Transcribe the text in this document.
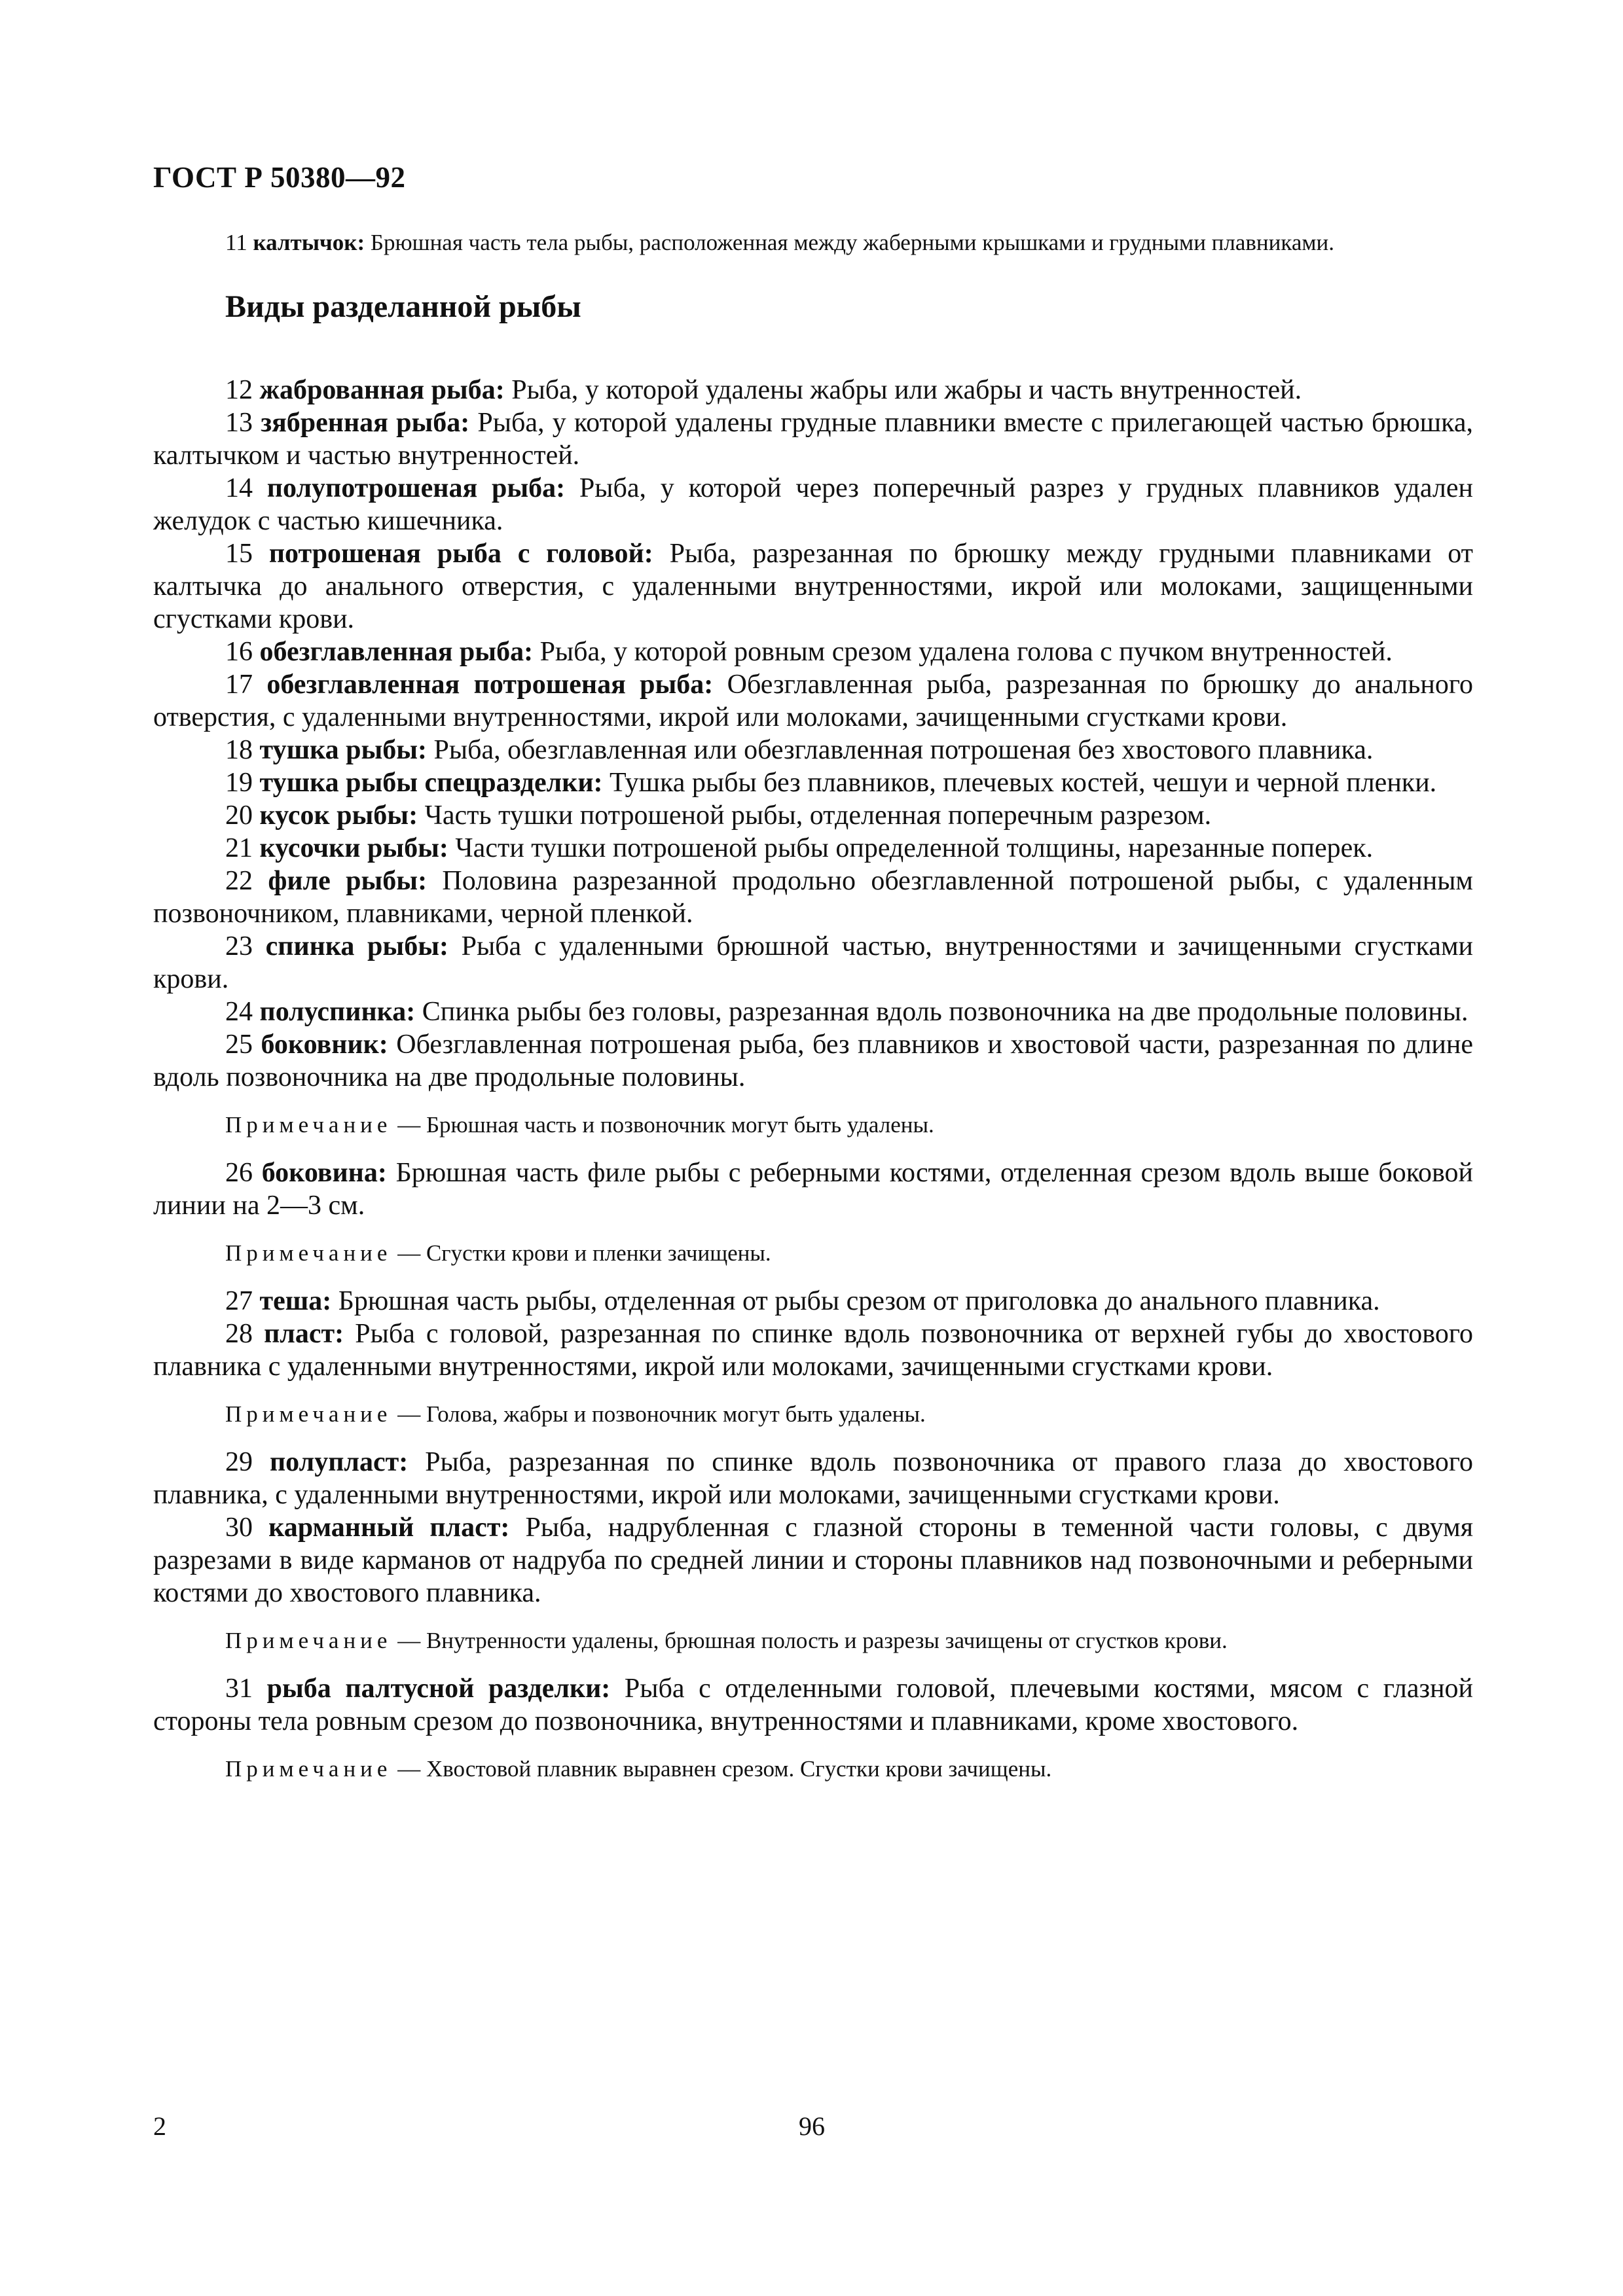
ГОСТ Р 50380—92

11 калтычок: Брюшная часть тела рыбы, расположенная между жаберными крышками и грудными плавниками.

Виды разделанной рыбы

12 жаброванная рыба: Рыба, у которой удалены жабры или жабры и часть внутренностей.

13 зябренная рыба: Рыба, у которой удалены грудные плавники вместе с прилегающей частью брюшка, калтычком и частью внутренностей.

14 полупотрошеная рыба: Рыба, у которой через поперечный разрез у грудных плавников удален желудок с частью кишечника.

15 потрошеная рыба с головой: Рыба, разрезанная по брюшку между грудными плавниками от калтычка до анального отверстия, с удаленными внутренностями, икрой или молоками, защищенными сгустками крови.

16 обезглавленная рыба: Рыба, у которой ровным срезом удалена голова с пучком внутренностей.

17 обезглавленная потрошеная рыба: Обезглавленная рыба, разрезанная по брюшку до анального отверстия, с удаленными внутренностями, икрой или молоками, зачищенными сгустками крови.

18 тушка рыбы: Рыба, обезглавленная или обезглавленная потрошеная без хвостового плавника.

19 тушка рыбы спецразделки: Тушка рыбы без плавников, плечевых костей, чешуи и черной пленки.

20 кусок рыбы: Часть тушки потрошеной рыбы, отделенная поперечным разрезом.

21 кусочки рыбы: Части тушки потрошеной рыбы определенной толщины, нарезанные поперек.

22 филе рыбы: Половина разрезанной продольно обезглавленной потрошеной рыбы, с удаленным позвоночником, плавниками, черной пленкой.

23 спинка рыбы: Рыба с удаленными брюшной частью, внутренностями и зачищенными сгустками крови.

24 полуспинка: Спинка рыбы без головы, разрезанная вдоль позвоночника на две продольные половины.

25 боковник: Обезглавленная потрошеная рыба, без плавников и хвостовой части, разрезанная по длине вдоль позвоночника на две продольные половины.

Примечание — Брюшная часть и позвоночник могут быть удалены.

26 боковина: Брюшная часть филе рыбы с реберными костями, отделенная срезом вдоль выше боковой линии на 2—3 см.

Примечание — Сгустки крови и пленки зачищены.

27 теша: Брюшная часть рыбы, отделенная от рыбы срезом от приголовка до анального плавника.

28 пласт: Рыба с головой, разрезанная по спинке вдоль позвоночника от верхней губы до хвостового плавника с удаленными внутренностями, икрой или молоками, зачищенными сгустками крови.

Примечание — Голова, жабры и позвоночник могут быть удалены.

29 полупласт: Рыба, разрезанная по спинке вдоль позвоночника от правого глаза до хвостового плавника, с удаленными внутренностями, икрой или молоками, зачищенными сгустками крови.

30 карманный пласт: Рыба, надрубленная с глазной стороны в теменной части головы, с двумя разрезами в виде карманов от надруба по средней линии и стороны плавников над позвоночными и реберными костями до хвостового плавника.

Примечание — Внутренности удалены, брюшная полость и разрезы зачищены от сгустков крови.

31 рыба палтусной разделки: Рыба с отделенными головой, плечевыми костями, мясом с глазной стороны тела ровным срезом до позвоночника, внутренностями и плавниками, кроме хвостового.

Примечание — Хвостовой плавник выравнен срезом. Сгустки крови зачищены.

2	96
